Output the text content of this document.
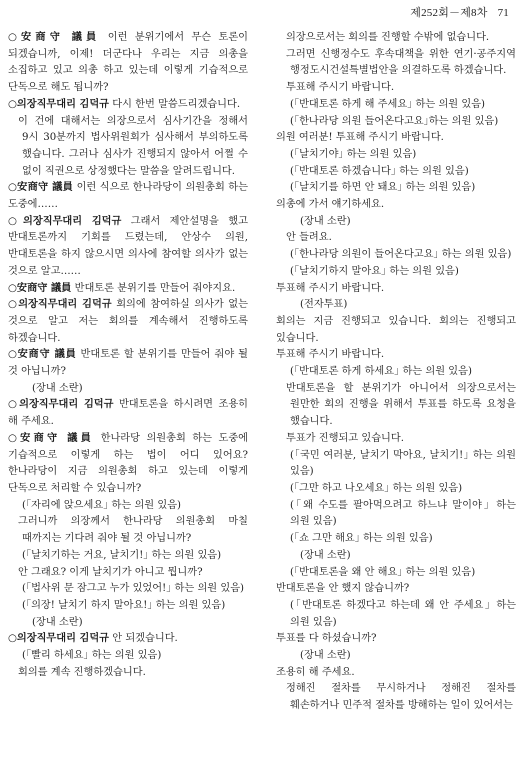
제252회－제8차 71

○安商守 議員 이런 분위기에서 무슨 토론이 되겠습니까, 이제! 더군다나 우리는 지금 의총을 소집하고 있고 의총 하고 있는데 이렇게 기습적으로 단독으로 해도 됩니까?

○의장직무대리 김덕규 다시 한번 말씀드리겠습니다.

이 건에 대해서는 의장으로서 심사기간을 정해서 9시 30분까지 법사위원회가 심사해서 부의하도록 했습니다. 그러나 심사가 진행되지 않아서 어쩔 수 없이 직권으로 상정했다는 말씀을 알려드립니다.

○安商守 議員 이런 식으로 한나라당이 의원총회 하는 도중에……

○의장직무대리 김덕규 그래서 제안설명을 했고 반대토론까지 기회를 드렸는데, 안상수 의원, 반대토론을 하지 않으시면 의사에 참여할 의사가 없는 것으로 알고……

○安商守 議員 반대토론 분위기를 만들어 줘야지요.

○의장직무대리 김덕규 회의에 참여하실 의사가 없는 것으로 알고 저는 회의를 계속해서 진행하도록 하겠습니다.

○安商守 議員 반대토론 할 분위기를 만들어 줘야 될 것 아닙니까?

(장내 소란)

○의장직무대리 김덕규 반대토론을 하시려면 조용히 해 주세요.

○安商守 議員 한나라당 의원총회 하는 도중에 기습적으로 이렇게 하는 법이 어디 있어요? 한나라당이 지금 의원총회 하고 있는데 이렇게 단독으로 처리할 수 있습니까?

(｢자리에 앉으세요｣ 하는 의원 있음)

그러니까 의장께서 한나라당 의원총회 마칠 때까지는 기다려 줘야 될 것 아닙니까?

(｢날치기하는 거요, 날치기!｣ 하는 의원 있음)

안 그래요? 이게 날치기가 아니고 뭡니까?

(｢법사위 문 잠그고 누가 있었어!｣ 하는 의원 있음)

(｢의장! 날치기 하지 말아요!｣ 하는 의원 있음)

(장내 소란)

○의장직무대리 김덕규 안 되겠습니다.

(｢빨리 하세요｣ 하는 의원 있음)

회의를 계속 진행하겠습니다.

의장으로서는 회의를 진행할 수밖에 없습니다.

그러면 신행정수도 후속대책을 위한 연기·공주지역 행정도시건설특별법안을 의결하도록 하겠습니다.

투표해 주시기 바랍니다.

(｢반대토론 하게 해 주세요｣ 하는 의원 있음)

(｢한나라당 의원 들어온다고요｣하는 의원 있음)

의원 여러분! 투표해 주시기 바랍니다.

(｢날치기야｣ 하는 의원 있음)

(｢반대토론 하겠습니다｣ 하는 의원 있음)

(｢날치기를 하면 안 돼요｣ 하는 의원 있음)

의총에 가서 얘기하세요.

(장내 소란)

안 들려요.

(｢한나라당 의원이 들어온다고요｣ 하는 의원 있음)

(｢날치기하지 말아요｣ 하는 의원 있음)

투표해 주시기 바랍니다.

(전자투표)

회의는 지금 진행되고 있습니다. 회의는 진행되고 있습니다.

투표해 주시기 바랍니다.

(｢반대토론 하게 하세요｣ 하는 의원 있음)

반대토론을 할 분위기가 아니어서 의장으로서는 원만한 회의 진행을 위해서 투표를 하도록 요청을 했습니다.

투표가 진행되고 있습니다.

(｢국민 여러분, 날치기 막아요, 날치기!｣ 하는 의원 있음)

(｢그만 하고 나오세요｣ 하는 의원 있음)

(｢왜 수도를 팔아먹으려고 하느냐 말이야｣ 하는 의원 있음)

(｢쇼 그만 해요｣ 하는 의원 있음)

(장내 소란)

(｢반대토론을 왜 안 해요｣ 하는 의원 있음)

반대토론을 안 했지 않습니까?

(｢반대토론 하겠다고 하는데 왜 안 주세요｣ 하는 의원 있음)

투표를 다 하셨습니까?

(장내 소란)

조용히 해 주세요.

정해진 절차를 무시하거나 정해진 절차를 훼손하거나 민주적 절차를 방해하는 일이 있어서는
